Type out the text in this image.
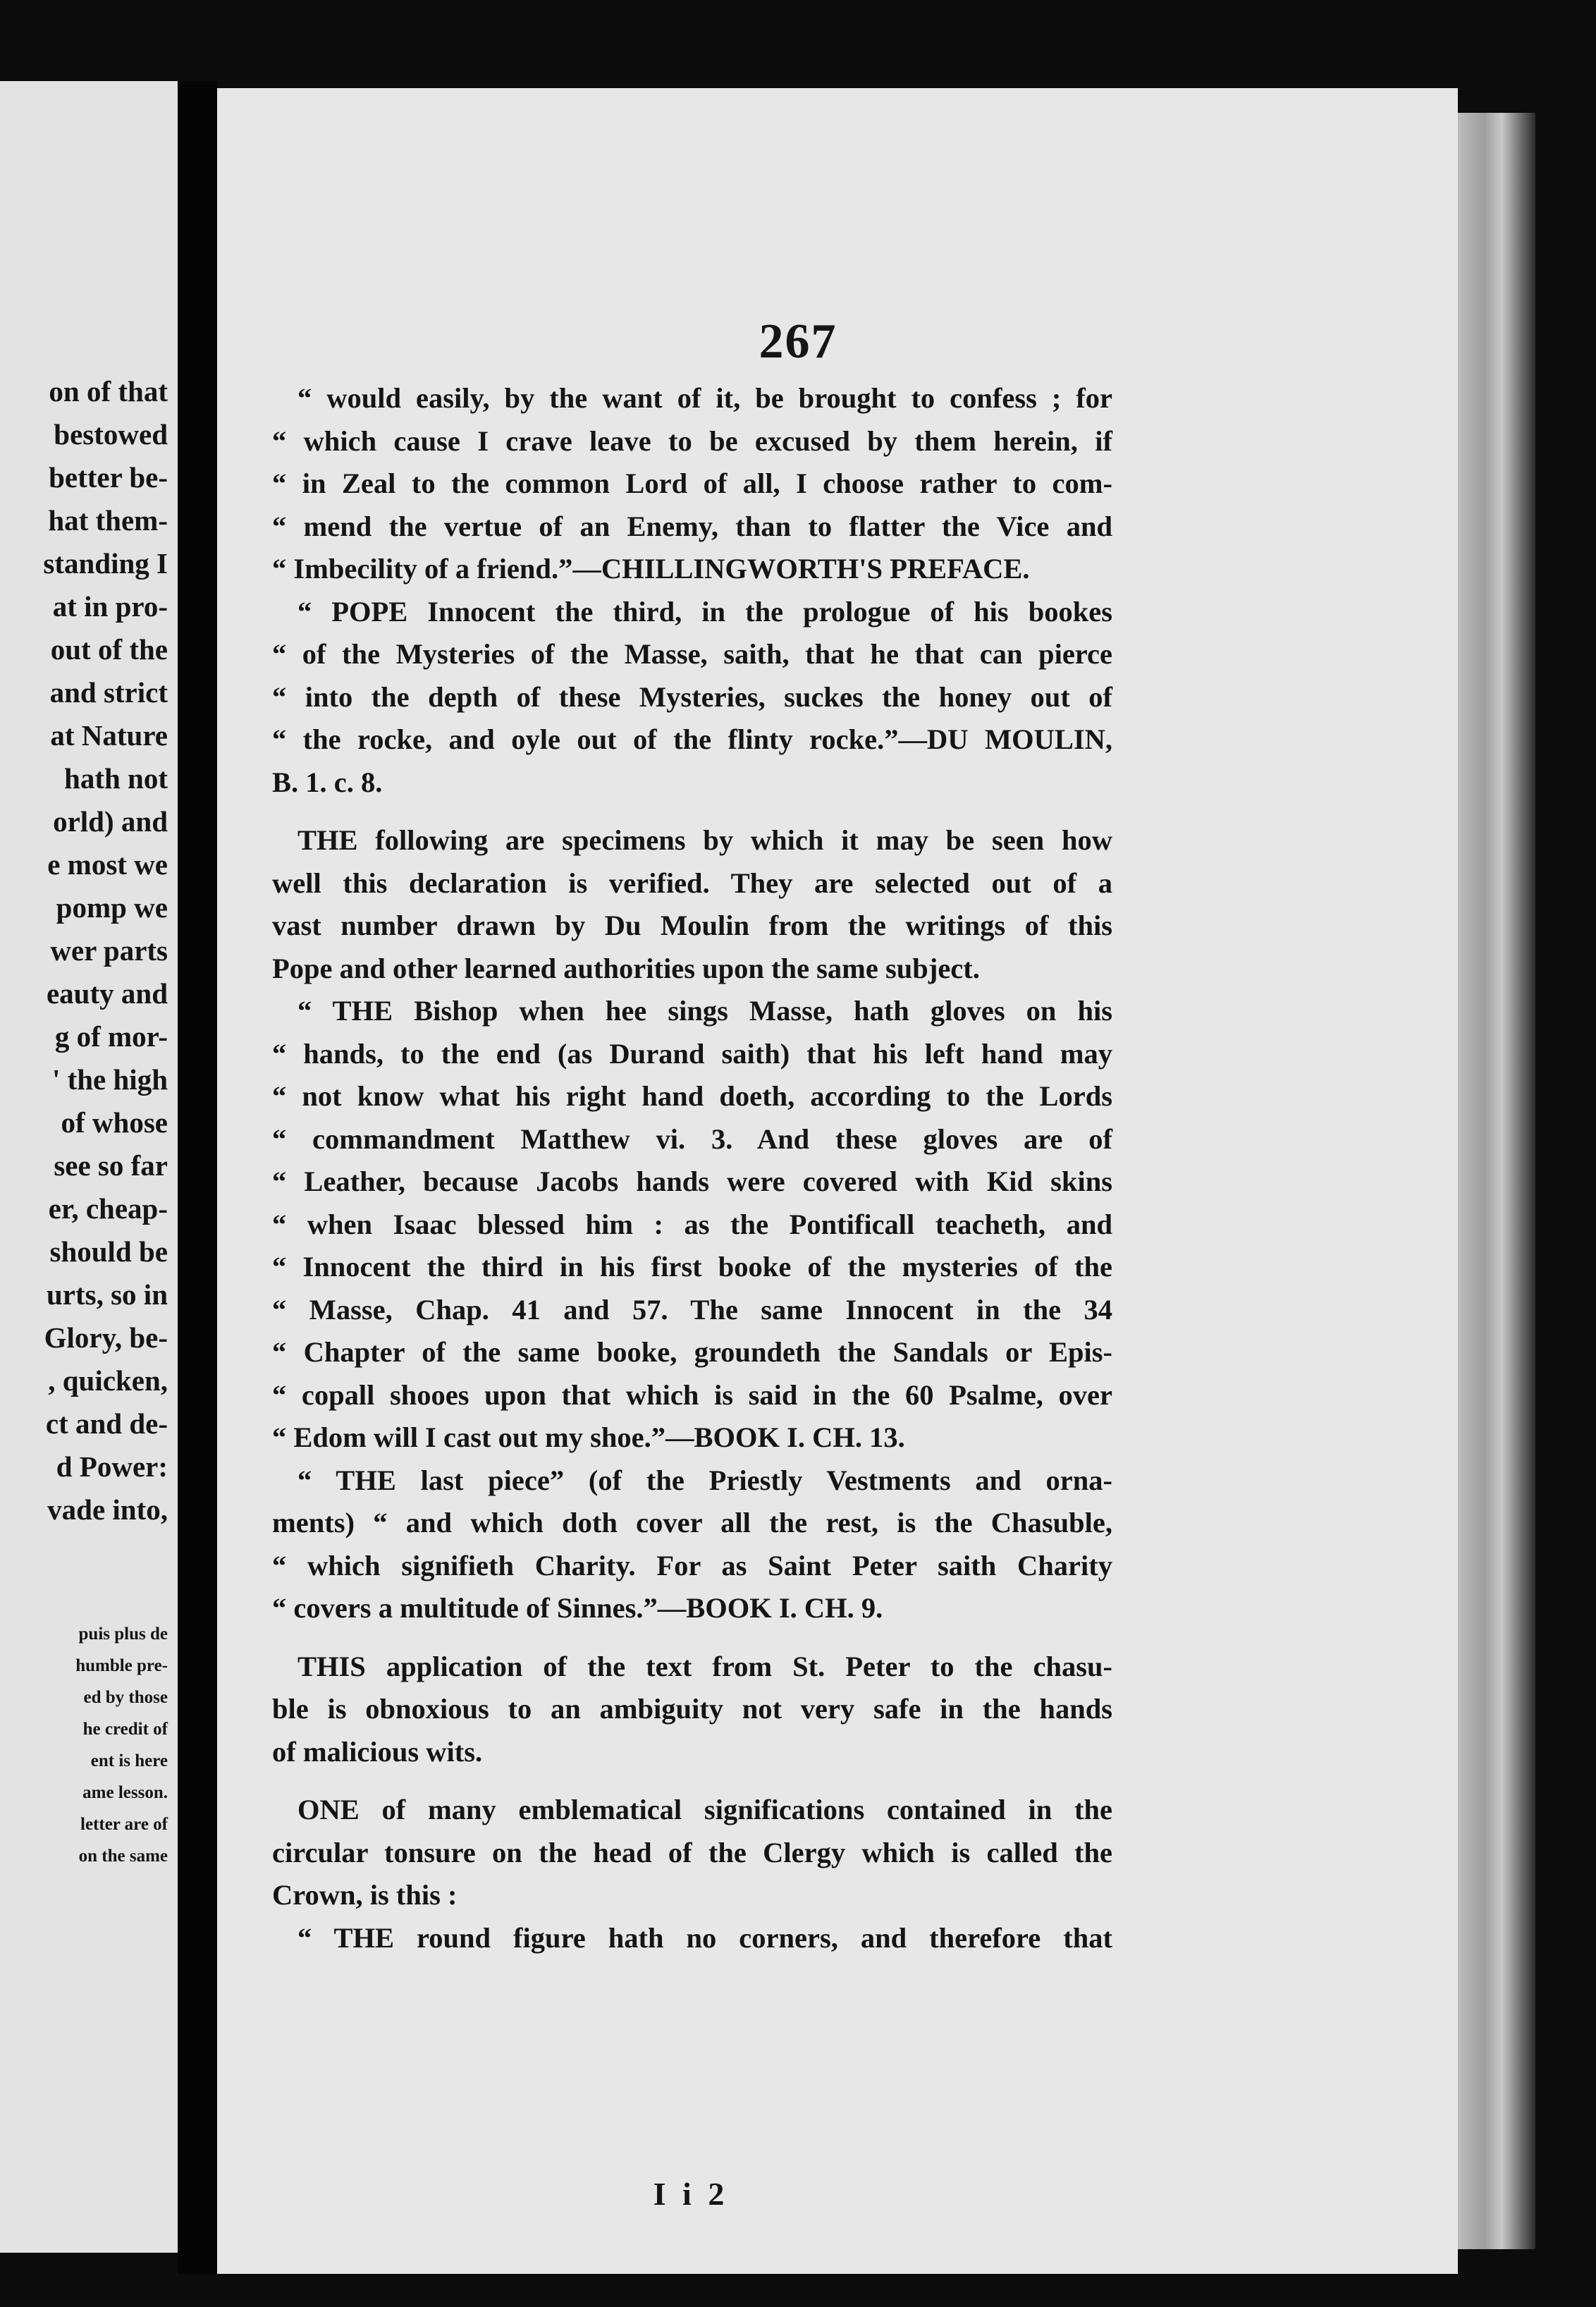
on of that
bestowed
better be-
hat them-
standing I
at in pro-
out of the
and strict
at Nature
hath not
orld) and
e most we
pomp we
wer parts
eauty and
g of mor-
' the high
of whose
see so far
er, cheap-
should be
urts, so in
Glory, be-
, quicken,
ct and de-
d Power:
vade into,
puis plus de
humble pre-
ed by those
he credit of
ent is here
ame lesson.
letter are of
on the same
267
“ would easily, by the want of it, be brought to confess ; for
“ which cause I crave leave to be excused by them herein, if
“ in Zeal to the common Lord of all, I choose rather to com-
“ mend the vertue of an Enemy, than to flatter the Vice and
“ Imbecility of a friend.”—CHILLINGWORTH'S PREFACE.
“ POPE Innocent the third, in the prologue of his bookes
“ of the Mysteries of the Masse, saith, that he that can pierce
“ into the depth of these Mysteries, suckes the honey out of
“ the rocke, and oyle out of the flinty rocke.”—DU MOULIN,
B. 1. c. 8.
THE following are specimens by which it may be seen how
well this declaration is verified. They are selected out of a
vast number drawn by Du Moulin from the writings of this
Pope and other learned authorities upon the same subject.
“ THE Bishop when hee sings Masse, hath gloves on his
“ hands, to the end (as Durand saith) that his left hand may
“ not know what his right hand doeth, according to the Lords
“ commandment Matthew vi. 3. And these gloves are of
“ Leather, because Jacobs hands were covered with Kid skins
“ when Isaac blessed him : as the Pontificall teacheth, and
“ Innocent the third in his first booke of the mysteries of the
“ Masse, Chap. 41 and 57. The same Innocent in the 34
“ Chapter of the same booke, groundeth the Sandals or Epis-
“ copall shooes upon that which is said in the 60 Psalme, over
“ Edom will I cast out my shoe.”—BOOK I. CH. 13.
“ THE last piece” (of the Priestly Vestments and orna-
ments) “ and which doth cover all the rest, is the Chasuble,
“ which signifieth Charity. For as Saint Peter saith Charity
“ covers a multitude of Sinnes.”—BOOK I. CH. 9.
THIS application of the text from St. Peter to the chasu-
ble is obnoxious to an ambiguity not very safe in the hands
of malicious wits.
ONE of many emblematical significations contained in the
circular tonsure on the head of the Clergy which is called the
Crown, is this :
“ THE round figure hath no corners, and therefore that
I i 2
